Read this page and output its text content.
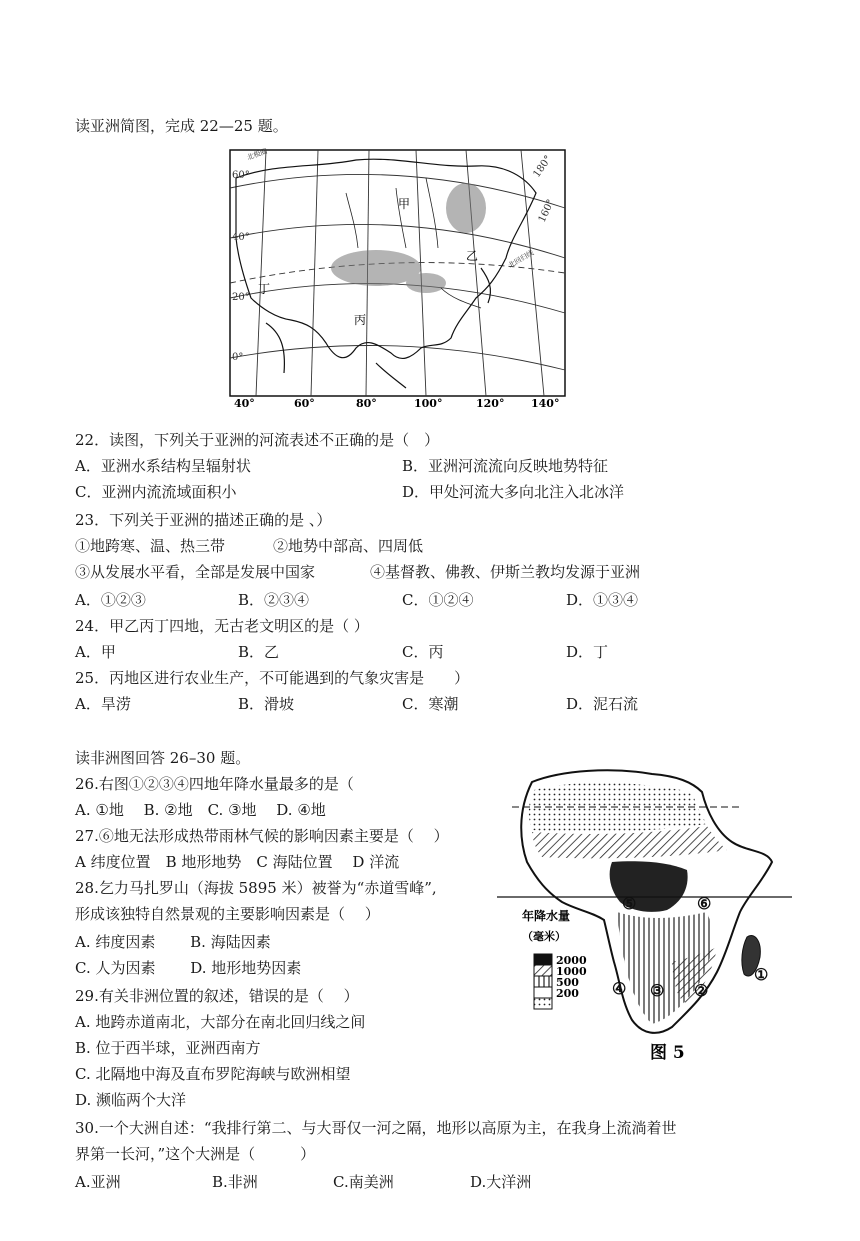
读亚洲简图，完成 22—25 题。
甲
乙
丙
丁
60°
40°
20°
0°
180°
160°
北回归线
北极圈
40°	60°	80°	100°	120° 140°
22．读图，下列关于亚洲的河流表述不正确的是（　）
A．亚洲水系结构呈辐射状	B．亚洲河流流向反映地势特征
C．亚洲内流流域面积小	D．甲处河流大多向北注入北冰洋
23．下列关于亚洲的描述正确的是 、）
①地跨寒、温、热三带	②地势中部高、四周低
③从发展水平看，全部是发展中国家	④基督教、佛教、伊斯兰教均发源于亚洲
A．①②③	B．②③④	C．①②④	D．①③④
24．甲乙丙丁四地，无古老文明区的是（ ）
A．甲	B．乙	C．丙	D．丁
25．丙地区进行农业生产，不可能遇到的气象灾害是　　）
A．旱涝	B．滑坡	C．寒潮	D．泥石流
读非洲图回答 26–30 题。
26.右图①②③④四地年降水量最多的是（
A. ①地　 B. ②地　C. ③地　 D. ④地
27.⑥地无法形成热带雨林气候的影响因素主要是（　 ）
A 纬度位置　B 地形地势　C 海陆位置　 D 洋流
28.乞力马扎罗山（海拔 5895 米）被誉为“赤道雪峰”,
形成该独特自然景观的主要影响因素是（　 ）
A. 纬度因素　　 B. 海陆因素
C. 人为因素　　 D. 地形地势因素
29.有关非洲位置的叙述，错误的是（　 ）
A. 地跨赤道南北，大部分在南北回归线之间
B. 位于西半球，亚洲西南方
C. 北隔地中海及直布罗陀海峡与欧洲相望
D. 濒临两个大洋
30.一个大洲自述：“我排行第二、与大哥仅一河之隔，地形以高原为主，在我身上流淌着世
界第一长河，”这个大洲是（　　　）
A.亚洲	B.非洲	C.南美洲	D.大洋洲
①
②
③
④
⑤	⑥
年降水量
（毫米）
2000
1000
500
200
图 5
